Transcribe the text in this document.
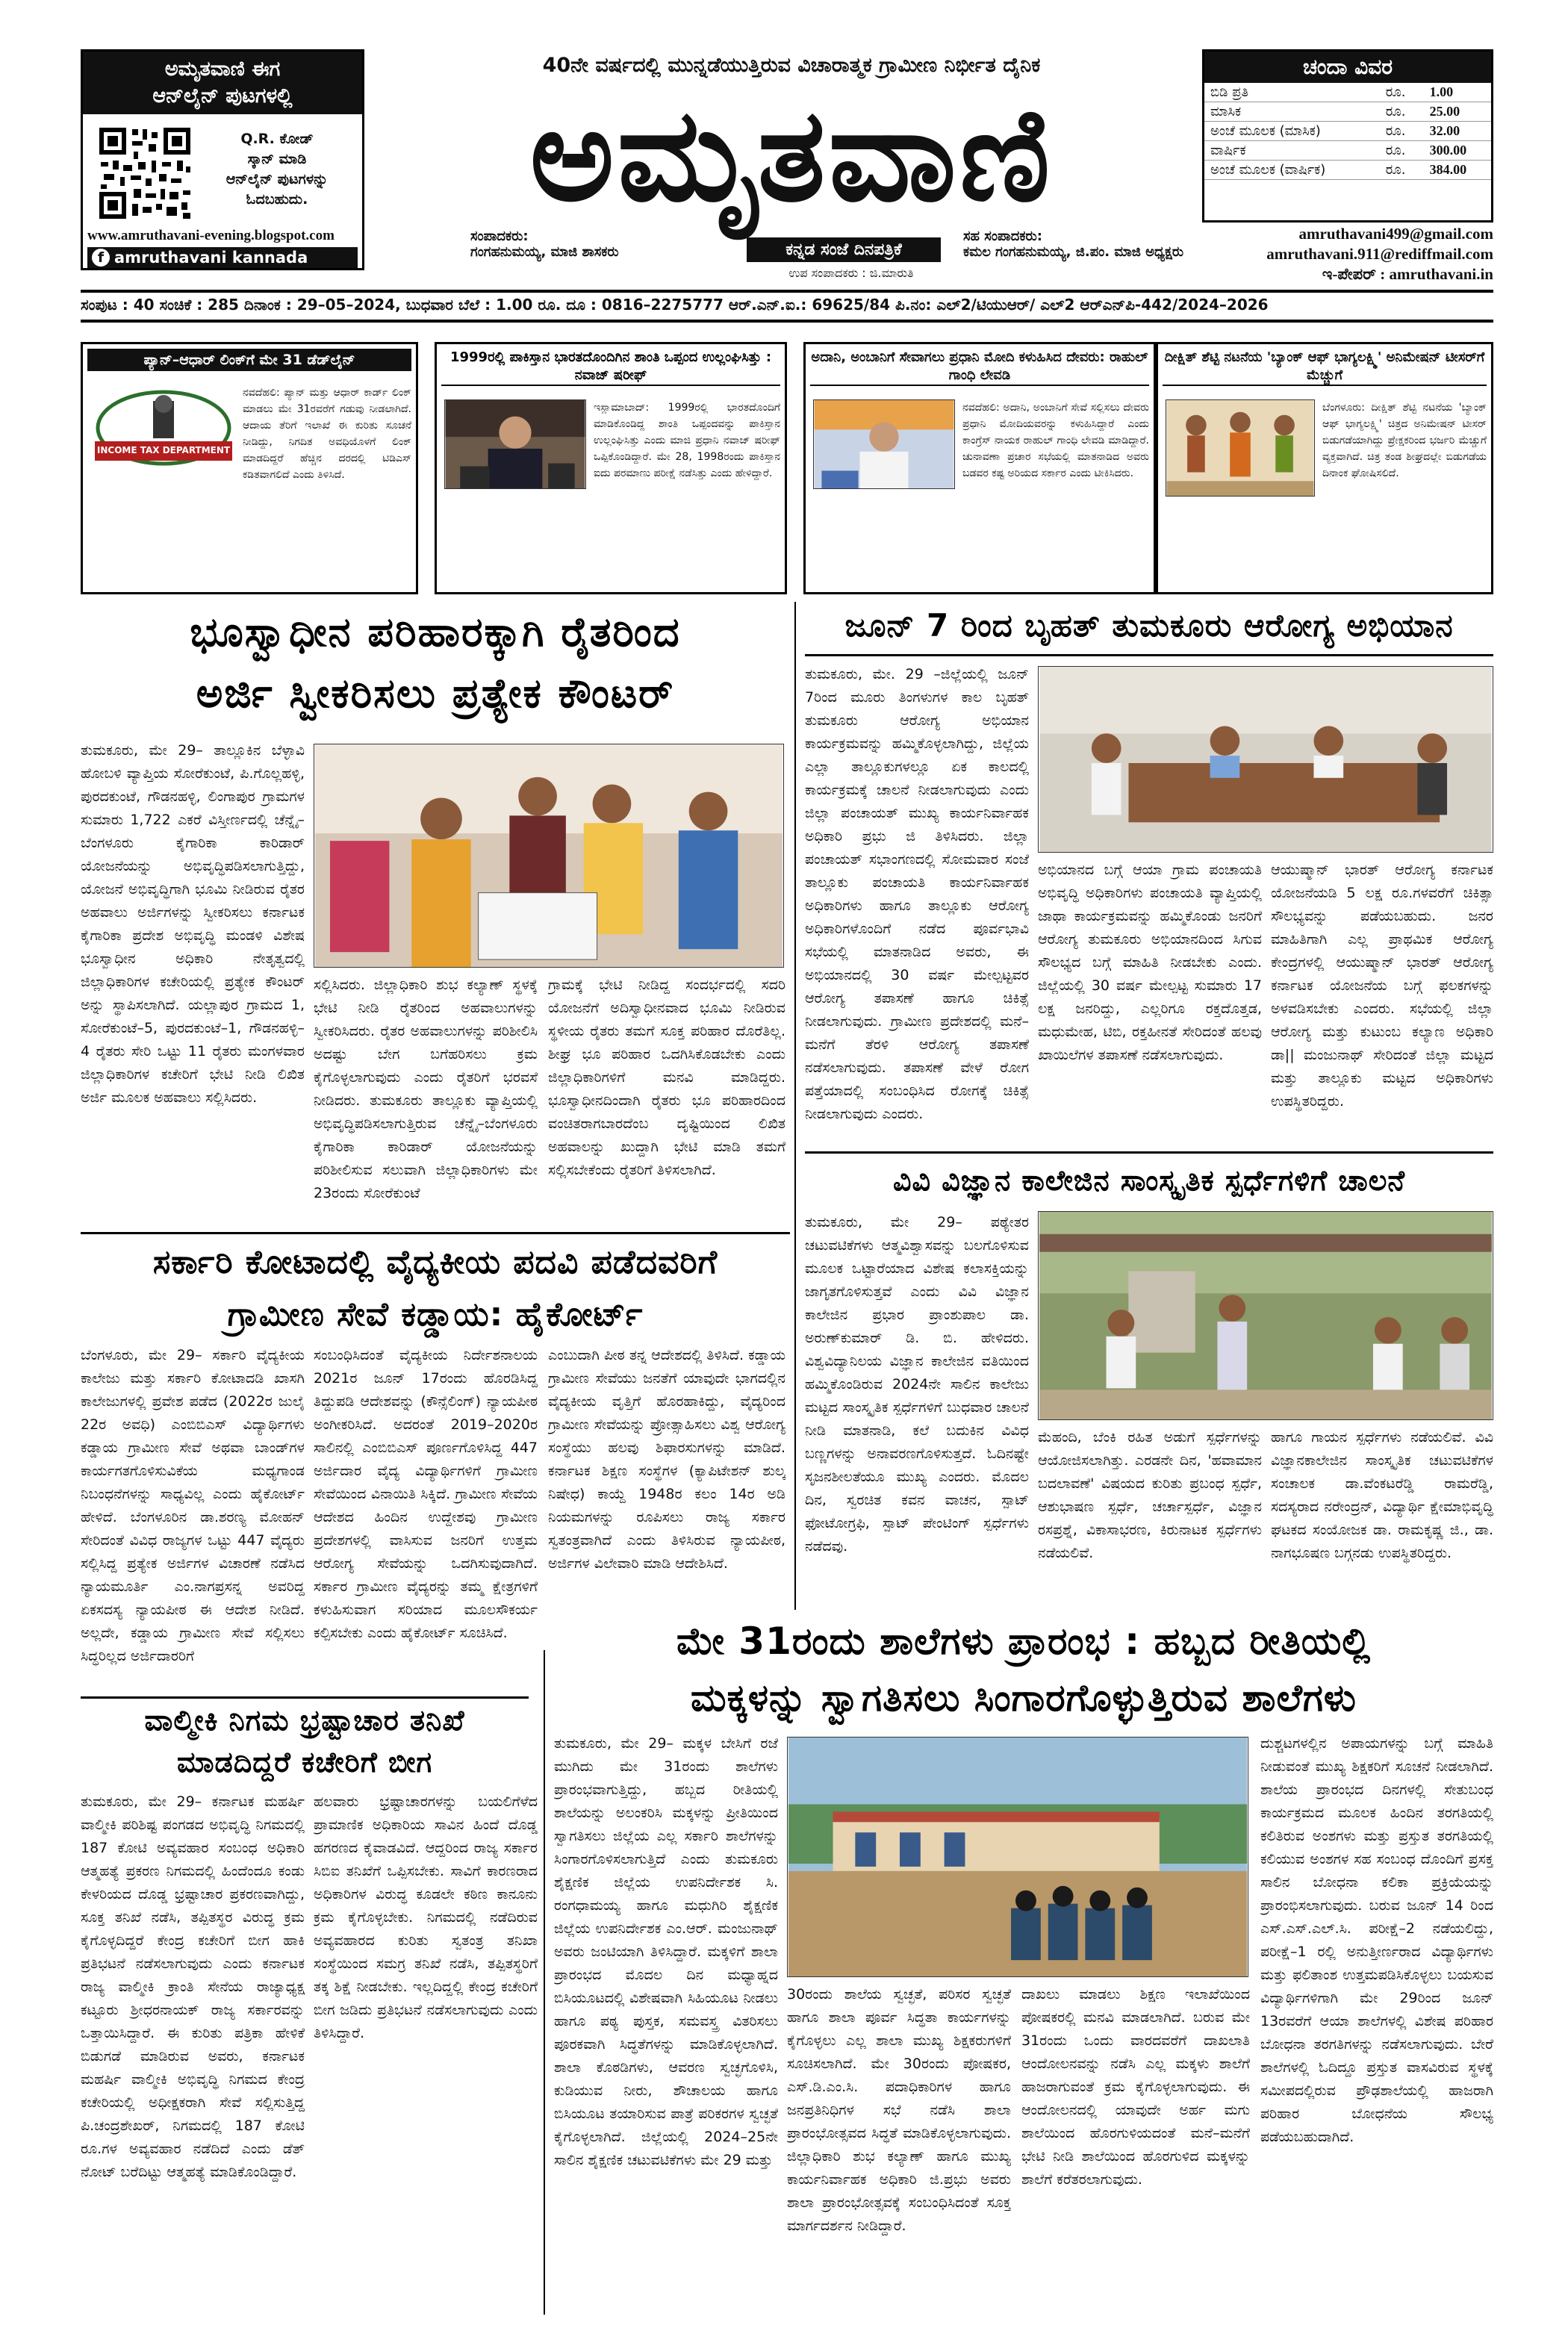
ಅಮೃತವಾಣಿ ಈಗ
ಆನ್‌ಲೈನ್ ಪುಟಗಳಲ್ಲಿ
Q.R. ಕೋಡ್
ಸ್ಕಾನ್ ಮಾಡಿ
ಆನ್‌ಲೈನ್ ಪುಟಗಳನ್ನು
ಓದಬಹುದು.
www.amruthavani-evening.blogspot.com
f amruthavani kannada
40ನೇ ವರ್ಷದಲ್ಲಿ ಮುನ್ನಡೆಯುತ್ತಿರುವ ವಿಚಾರಾತ್ಮಕ ಗ್ರಾಮೀಣ ನಿರ್ಭೀತ ದೈನಿಕ
ಅಮೃತವಾಣಿ
ಸಂಪಾದಕರು:
ಗಂಗಹನುಮಯ್ಯ, ಮಾಜಿ ಶಾಸಕರು	ಕನ್ನಡ ಸಂಜೆ ದಿನಪತ್ರಿಕೆ
ಉಪ ಸಂಪಾದಕರು : ಜಿ.ಮಾರುತಿ
ಸಹ ಸಂಪಾದಕರು:
ಕಮಲ ಗಂಗಹನುಮಯ್ಯ, ಜಿ.ಪಂ. ಮಾಜಿ ಅಧ್ಯಕ್ಷರು
ಚಂದಾ ವಿವರ
ಬಿಡಿ ಪ್ರತಿ	ರೂ.	1.00
ಮಾಸಿಕ	ರೂ.	25.00
ಅಂಚೆ ಮೂಲಕ (ಮಾಸಿಕ)	ರೂ.	32.00
ವಾರ್ಷಿಕ	ರೂ.	300.00
ಅಂಚೆ ಮೂಲಕ (ವಾರ್ಷಿಕ)	ರೂ.	384.00
amruthavani499@gmail.com
amruthavani.911@rediffmail.com
ಇ-ಪೇಪರ್ : amruthavani.in
ಸಂಪುಟ : 40 ಸಂಚಿಕೆ : 285 ದಿನಾಂಕ : 29–05–2024, ಬುಧವಾರ ಬೆಲೆ : 1.00 ರೂ. ದೂ : 0816–2275777 ಆರ್.ಎನ್.ಐ.: 69625/84 ಪಿ.ನಂ: ಎಲ್2/ಟಿಯುಆರ್/ ಎಲ್2 ಆರ್‌ಎನ್‌ಪಿ-442/2024–2026
ಪ್ಯಾನ್–ಆಧಾರ್ ಲಿಂಕ್‌ಗೆ ಮೇ 31 ಡೆಡ್‌ಲೈನ್
INCOME TAX DEPARTMENT
ನವದೆಹಲಿ: ಪ್ಯಾನ್ ಮತ್ತು ಆಧಾರ್ ಕಾರ್ಡ್ ಲಿಂಕ್ ಮಾಡಲು ಮೇ 31ರವರೆಗೆ ಗಡುವು ನೀಡಲಾಗಿದೆ. ಆದಾಯ ತೆರಿಗೆ ಇಲಾಖೆ ಈ ಕುರಿತು ಸೂಚನೆ ನೀಡಿದ್ದು, ನಿಗದಿತ ಅವಧಿಯೊಳಗೆ ಲಿಂಕ್ ಮಾಡದಿದ್ದರೆ ಹೆಚ್ಚಿನ ದರದಲ್ಲಿ ಟಿಡಿಎಸ್ ಕಡಿತವಾಗಲಿದೆ ಎಂದು ತಿಳಿಸಿದೆ.
1999ರಲ್ಲಿ ಪಾಕಿಸ್ತಾನ ಭಾರತದೊಂದಿಗಿನ ಶಾಂತಿ ಒಪ್ಪಂದ ಉಲ್ಲಂಘಿಸಿತ್ತು : ನವಾಜ್ ಷರೀಫ್
ಇಸ್ಲಾಮಾಬಾದ್: 1999ರಲ್ಲಿ ಭಾರತದೊಂದಿಗೆ ಮಾಡಿಕೊಂಡಿದ್ದ ಶಾಂತಿ ಒಪ್ಪಂದವನ್ನು ಪಾಕಿಸ್ತಾನ ಉಲ್ಲಂಘಿಸಿತ್ತು ಎಂದು ಮಾಜಿ ಪ್ರಧಾನಿ ನವಾಜ್ ಷರೀಫ್ ಒಪ್ಪಿಕೊಂಡಿದ್ದಾರೆ. ಮೇ 28, 1998ರಂದು ಪಾಕಿಸ್ತಾನ ಐದು ಪರಮಾಣು ಪರೀಕ್ಷೆ ನಡೆಸಿತ್ತು ಎಂದು ಹೇಳಿದ್ದಾರೆ.
ಅದಾನಿ, ಅಂಬಾನಿಗೆ ಸೇವಾಗಲು ಪ್ರಧಾನಿ ಮೋದಿ ಕಳುಹಿಸಿದ ದೇವರು: ರಾಹುಲ್ ಗಾಂಧಿ ಲೇವಡಿ
ನವದೆಹಲಿ: ಅದಾನಿ, ಅಂಬಾನಿಗೆ ಸೇವೆ ಸಲ್ಲಿಸಲು ದೇವರು ಪ್ರಧಾನಿ ಮೋದಿಯವರನ್ನು ಕಳುಹಿಸಿದ್ದಾರೆ ಎಂದು ಕಾಂಗ್ರೆಸ್ ನಾಯಕ ರಾಹುಲ್ ಗಾಂಧಿ ಲೇವಡಿ ಮಾಡಿದ್ದಾರೆ. ಚುನಾವಣಾ ಪ್ರಚಾರ ಸಭೆಯಲ್ಲಿ ಮಾತನಾಡಿದ ಅವರು ಬಡವರ ಕಷ್ಟ ಅರಿಯದ ಸರ್ಕಾರ ಎಂದು ಟೀಕಿಸಿದರು.
ದೀಕ್ಷಿತ್ ಶೆಟ್ಟಿ ನಟನೆಯ 'ಬ್ಯಾಂಕ್ ಆಫ್ ಭಾಗ್ಯಲಕ್ಷ್ಮಿ' ಅನಿಮೇಷನ್ ಟೀಸರ್‌ಗೆ ಮೆಚ್ಚುಗೆ
ಬೆಂಗಳೂರು: ದೀಕ್ಷಿತ್ ಶೆಟ್ಟಿ ನಟನೆಯ 'ಬ್ಯಾಂಕ್ ಆಫ್ ಭಾಗ್ಯಲಕ್ಷ್ಮಿ' ಚಿತ್ರದ ಅನಿಮೇಷನ್ ಟೀಸರ್ ಬಿಡುಗಡೆಯಾಗಿದ್ದು ಪ್ರೇಕ್ಷಕರಿಂದ ಭರ್ಜರಿ ಮೆಚ್ಚುಗೆ ವ್ಯಕ್ತವಾಗಿದೆ. ಚಿತ್ರ ತಂಡ ಶೀಘ್ರದಲ್ಲೇ ಬಿಡುಗಡೆಯ ದಿನಾಂಕ ಘೋಷಿಸಲಿದೆ.
ಭೂಸ್ವಾಧೀನ ಪರಿಹಾರಕ್ಕಾಗಿ ರೈತರಿಂದ
ಅರ್ಜಿ ಸ್ವೀಕರಿಸಲು ಪ್ರತ್ಯೇಕ ಕೌಂಟರ್
ತುಮಕೂರು, ಮೇ 29– ತಾಲ್ಲೂಕಿನ ಬೆಳ್ಳಾವಿ ಹೋಬಳಿ ವ್ಯಾಪ್ತಿಯ ಸೋರೆಕುಂಟೆ, ಪಿ.ಗೊಲ್ಲಹಳ್ಳಿ, ಪುರದಕುಂಟೆ, ಗೌಡನಹಳ್ಳಿ, ಲಿಂಗಾಪುರ ಗ್ರಾಮಗಳ ಸುಮಾರು 1,722 ಎಕರೆ ವಿಸ್ತೀರ್ಣದಲ್ಲಿ ಚೆನ್ನೈ–ಬೆಂಗಳೂರು ಕೈಗಾರಿಕಾ ಕಾರಿಡಾರ್ ಯೋಜನೆಯನ್ನು ಅಭಿವೃದ್ಧಿಪಡಿಸಲಾಗುತ್ತಿದ್ದು, ಯೋಜನೆ ಅಭಿವೃದ್ಧಿಗಾಗಿ ಭೂಮಿ ನೀಡಿರುವ ರೈತರ ಅಹವಾಲು ಅರ್ಜಿಗಳನ್ನು ಸ್ವೀಕರಿಸಲು ಕರ್ನಾಟಕ ಕೈಗಾರಿಕಾ ಪ್ರದೇಶ ಅಭಿವೃದ್ಧಿ ಮಂಡಳಿ ವಿಶೇಷ ಭೂಸ್ವಾಧೀನ ಅಧಿಕಾರಿ ನೇತೃತ್ವದಲ್ಲಿ ಜಿಲ್ಲಾಧಿಕಾರಿಗಳ ಕಚೇರಿಯಲ್ಲಿ ಪ್ರತ್ಯೇಕ ಕೌಂಟರ್ ಅನ್ನು ಸ್ಥಾಪಿಸಲಾಗಿದೆ. ಯಲ್ಲಾಪುರ ಗ್ರಾಮದ 1, ಸೋರೆಕುಂಟೆ–5, ಪುರದಕುಂಟೆ–1, ಗೌಡನಹಳ್ಳಿ–4 ರೈತರು ಸೇರಿ ಒಟ್ಟು 11 ರೈತರು ಮಂಗಳವಾರ ಜಿಲ್ಲಾಧಿಕಾರಿಗಳ ಕಚೇರಿಗೆ ಭೇಟಿ ನೀಡಿ ಲಿಖಿತ ಅರ್ಜಿ ಮೂಲಕ ಅಹವಾಲು ಸಲ್ಲಿಸಿದರು.
ಸಲ್ಲಿಸಿದರು. ಜಿಲ್ಲಾಧಿಕಾರಿ ಶುಭ ಕಲ್ಯಾಣ್ ಸ್ಥಳಕ್ಕೆ ಭೇಟಿ ನೀಡಿ ರೈತರಿಂದ ಅಹವಾಲುಗಳನ್ನು ಸ್ವೀಕರಿಸಿದರು. ರೈತರ ಅಹವಾಲುಗಳನ್ನು ಪರಿಶೀಲಿಸಿ ಅದಷ್ಟು ಬೇಗ ಬಗೆಹರಿಸಲು ಕ್ರಮ ಕೈಗೊಳ್ಳಲಾಗುವುದು ಎಂದು ರೈತರಿಗೆ ಭರವಸೆ ನೀಡಿದರು. ತುಮಕೂರು ತಾಲ್ಲೂಕು ವ್ಯಾಪ್ತಿಯಲ್ಲಿ ಅಭಿವೃದ್ಧಿಪಡಿಸಲಾಗುತ್ತಿರುವ ಚೆನ್ನೈ–ಬೆಂಗಳೂರು ಕೈಗಾರಿಕಾ ಕಾರಿಡಾರ್ ಯೋಜನೆಯನ್ನು ಪರಿಶೀಲಿಸುವ ಸಲುವಾಗಿ ಜಿಲ್ಲಾಧಿಕಾರಿಗಳು ಮೇ 23ರಂದು ಸೋರೆಕುಂಟೆ
ಗ್ರಾಮಕ್ಕೆ ಭೇಟಿ ನೀಡಿದ್ದ ಸಂದರ್ಭದಲ್ಲಿ ಸದರಿ ಯೋಜನೆಗೆ ಅದಿಸ್ವಾಧೀನವಾದ ಭೂಮಿ ನೀಡಿರುವ ಸ್ಥಳೀಯ ರೈತರು ತಮಗೆ ಸೂಕ್ತ ಪರಿಹಾರ ದೊರೆತಿಲ್ಲ. ಶೀಘ್ರ ಭೂ ಪರಿಹಾರ ಒದಗಿಸಿಕೊಡಬೇಕು ಎಂದು ಜಿಲ್ಲಾಧಿಕಾರಿಗಳಿಗೆ ಮನವಿ ಮಾಡಿದ್ದರು. ಭೂಸ್ವಾಧೀನದಿಂದಾಗಿ ರೈತರು ಭೂ ಪರಿಹಾರದಿಂದ ವಂಚಿತರಾಗಬಾರದೆಂಬ ದೃಷ್ಟಿಯಿಂದ ಲಿಖಿತ ಅಹವಾಲನ್ನು ಖುದ್ದಾಗಿ ಭೇಟಿ ಮಾಡಿ ತಮಗೆ ಸಲ್ಲಿಸಬೇಕೆಂದು ರೈತರಿಗೆ ತಿಳಿಸಲಾಗಿದೆ.
ಜೂನ್ 7 ರಿಂದ ಬೃಹತ್ ತುಮಕೂರು ಆರೋಗ್ಯ ಅಭಿಯಾನ
ತುಮಕೂರು, ಮೇ. 29 –ಜಿಲ್ಲೆಯಲ್ಲಿ ಜೂನ್ 7ರಿಂದ ಮೂರು ತಿಂಗಳುಗಳ ಕಾಲ ಬೃಹತ್ ತುಮಕೂರು ಆರೋಗ್ಯ ಅಭಿಯಾನ ಕಾರ್ಯಕ್ರಮವನ್ನು ಹಮ್ಮಿಕೊಳ್ಳಲಾಗಿದ್ದು, ಜಿಲ್ಲೆಯ ಎಲ್ಲಾ ತಾಲ್ಲೂಕುಗಳಲ್ಲೂ ಏಕ ಕಾಲದಲ್ಲಿ ಕಾರ್ಯಕ್ರಮಕ್ಕೆ ಚಾಲನೆ ನೀಡಲಾಗುವುದು ಎಂದು ಜಿಲ್ಲಾ ಪಂಚಾಯತ್ ಮುಖ್ಯ ಕಾರ್ಯನಿರ್ವಾಹಕ ಅಧಿಕಾರಿ ಪ್ರಭು ಜಿ ತಿಳಿಸಿದರು. ಜಿಲ್ಲಾ ಪಂಚಾಯತ್ ಸಭಾಂಗಣದಲ್ಲಿ ಸೋಮವಾರ ಸಂಜೆ ತಾಲ್ಲೂಕು ಪಂಚಾಯತಿ ಕಾರ್ಯನಿರ್ವಾಹಕ ಅಧಿಕಾರಿಗಳು ಹಾಗೂ ತಾಲ್ಲೂಕು ಆರೋಗ್ಯ ಅಧಿಕಾರಿಗಳೊಂದಿಗೆ ನಡೆದ ಪೂರ್ವಭಾವಿ ಸಭೆಯಲ್ಲಿ ಮಾತನಾಡಿದ ಅವರು, ಈ ಅಭಿಯಾನದಲ್ಲಿ 30 ವರ್ಷ ಮೇಲ್ಪಟ್ಟವರ ಆರೋಗ್ಯ ತಪಾಸಣೆ ಹಾಗೂ ಚಿಕಿತ್ಸೆ ನೀಡಲಾಗುವುದು. ಗ್ರಾಮೀಣ ಪ್ರದೇಶದಲ್ಲಿ ಮನೆ–ಮನೆಗೆ ತೆರಳಿ ಆರೋಗ್ಯ ತಪಾಸಣೆ ನಡೆಸಲಾಗುವುದು. ತಪಾಸಣೆ ವೇಳೆ ರೋಗ ಪತ್ತೆಯಾದಲ್ಲಿ ಸಂಬಂಧಿಸಿದ ರೋಗಕ್ಕೆ ಚಿಕಿತ್ಸೆ ನೀಡಲಾಗುವುದು ಎಂದರು.
ಅಭಿಯಾನದ ಬಗ್ಗೆ ಆಯಾ ಗ್ರಾಮ ಪಂಚಾಯತಿ ಅಭಿವೃದ್ಧಿ ಅಧಿಕಾರಿಗಳು ಪಂಚಾಯತಿ ವ್ಯಾಪ್ತಿಯಲ್ಲಿ ಜಾಥಾ ಕಾರ್ಯಕ್ರಮವನ್ನು ಹಮ್ಮಿಕೊಂಡು ಜನರಿಗೆ ಆರೋಗ್ಯ ತುಮಕೂರು ಅಭಿಯಾನದಿಂದ ಸಿಗುವ ಸೌಲಭ್ಯದ ಬಗ್ಗೆ ಮಾಹಿತಿ ನೀಡಬೇಕು ಎಂದು. ಜಿಲ್ಲೆಯಲ್ಲಿ 30 ವರ್ಷ ಮೇಲ್ಪಟ್ಟ ಸುಮಾರು 17 ಲಕ್ಷ ಜನರಿದ್ದು, ಎಲ್ಲರಿಗೂ ರಕ್ತದೊತ್ತಡ, ಮಧುಮೇಹ, ಟಿಬಿ, ರಕ್ತಹೀನತೆ ಸೇರಿದಂತೆ ಹಲವು ಖಾಯಿಲೆಗಳ ತಪಾಸಣೆ ನಡೆಸಲಾಗುವುದು.
ಆಯುಷ್ಮಾನ್ ಭಾರತ್ ಆರೋಗ್ಯ ಕರ್ನಾಟಕ ಯೋಜನೆಯಡಿ 5 ಲಕ್ಷ ರೂ.ಗಳವರೆಗೆ ಚಿಕಿತ್ಸಾ ಸೌಲಭ್ಯವನ್ನು ಪಡೆಯಬಹುದು. ಜನರ ಮಾಹಿತಿಗಾಗಿ ಎಲ್ಲ ಪ್ರಾಥಮಿಕ ಆರೋಗ್ಯ ಕೇಂದ್ರಗಳಲ್ಲಿ ಆಯುಷ್ಮಾನ್ ಭಾರತ್ ಆರೋಗ್ಯ ಕರ್ನಾಟಕ ಯೋಜನೆಯ ಬಗ್ಗೆ ಫಲಕಗಳನ್ನು ಅಳವಡಿಸಬೇಕು ಎಂದರು. ಸಭೆಯಲ್ಲಿ ಜಿಲ್ಲಾ ಆರೋಗ್ಯ ಮತ್ತು ಕುಟುಂಬ ಕಲ್ಯಾಣ ಅಧಿಕಾರಿ ಡಾ|| ಮಂಜುನಾಥ್ ಸೇರಿದಂತೆ ಜಿಲ್ಲಾ ಮಟ್ಟದ ಮತ್ತು ತಾಲ್ಲೂಕು ಮಟ್ಟದ ಅಧಿಕಾರಿಗಳು ಉಪಸ್ಥಿತರಿದ್ದರು.
ವಿವಿ ವಿಜ್ಞಾನ ಕಾಲೇಜಿನ ಸಾಂಸ್ಕೃತಿಕ ಸ್ಪರ್ಧೆಗಳಿಗೆ ಚಾಲನೆ
ತುಮಕೂರು, ಮೇ 29– ಪಠ್ಯೇತರ ಚಟುವಟಿಕೆಗಳು ಆತ್ಮವಿಶ್ವಾಸವನ್ನು ಬಲಗೊಳಿಸುವ ಮೂಲಕ ಒಟ್ಟಾರೆಯಾದ ವಿಶೇಷ ಕಲಾಸಕ್ತಿಯನ್ನು ಜಾಗೃತಗೊಳಿಸುತ್ತವೆ ಎಂದು ವಿವಿ ವಿಜ್ಞಾನ ಕಾಲೇಜಿನ ಪ್ರಭಾರ ಪ್ರಾಂಶುಪಾಲ ಡಾ. ಅರುಣ್‌ಕುಮಾರ್ ಡಿ. ಬಿ. ಹೇಳಿದರು. ವಿಶ್ವವಿದ್ಯಾನಿಲಯ ವಿಜ್ಞಾನ ಕಾಲೇಜಿನ ವತಿಯಿಂದ ಹಮ್ಮಿಕೊಂಡಿರುವ 2024ನೇ ಸಾಲಿನ ಕಾಲೇಜು ಮಟ್ಟದ ಸಾಂಸ್ಕೃತಿಕ ಸ್ಪರ್ಧೆಗಳಿಗೆ ಬುಧವಾರ ಚಾಲನೆ ನೀಡಿ ಮಾತನಾಡಿ, ಕಲೆ ಬದುಕಿನ ವಿವಿಧ ಬಣ್ಣಗಳನ್ನು ಅನಾವರಣಗೊಳಿಸುತ್ತದೆ. ಓದಿನಷ್ಟೇ ಸೃಜನಶೀಲತೆಯೂ ಮುಖ್ಯ ಎಂದರು. ಮೊದಲ ದಿನ, ಸ್ವರಚಿತ ಕವನ ವಾಚನ, ಸ್ಪಾಟ್ ಫೋಟೋಗ್ರಫಿ, ಸ್ಪಾಟ್ ಪೇಂಟಿಂಗ್ ಸ್ಪರ್ಧೆಗಳು ನಡೆದವು.
ಮೆಹಂದಿ, ಬೆಂಕಿ ರಹಿತ ಅಡುಗೆ ಸ್ಪರ್ಧೆಗಳನ್ನು ಆಯೋಜಿಸಲಾಗಿತ್ತು. ಎರಡನೇ ದಿನ, 'ಹವಾಮಾನ ಬದಲಾವಣೆ' ವಿಷಯದ ಕುರಿತು ಪ್ರಬಂಧ ಸ್ಪರ್ಧೆ, ಆಶುಭಾಷಣ ಸ್ಪರ್ಧೆ, ಚರ್ಚಾಸ್ಪರ್ಧೆ, ವಿಜ್ಞಾನ ರಸಪ್ರಶ್ನೆ, ವಿಕಾಸಾಭರಣ, ಕಿರುನಾಟಕ ಸ್ಪರ್ಧೆಗಳು ನಡೆಯಲಿವೆ.
ಹಾಗೂ ಗಾಯನ ಸ್ಪರ್ಧೆಗಳು ನಡೆಯಲಿವೆ. ವಿವಿ ವಿಜ್ಞಾನಕಾಲೇಜಿನ ಸಾಂಸ್ಕೃತಿಕ ಚಟುವಟಿಕೆಗಳ ಸಂಚಾಲಕ ಡಾ.ವೆಂಕಟರೆಡ್ಡಿ ರಾಮರೆಡ್ಡಿ, ಸದಸ್ಯರಾದ ನರೇಂದ್ರನ್, ವಿದ್ಯಾರ್ಥಿ ಕ್ಷೇಮಾಭಿವೃದ್ಧಿ ಘಟಕದ ಸಂಯೋಜಕ ಡಾ. ರಾಮಕೃಷ್ಣ ಜಿ., ಡಾ. ನಾಗಭೂಷಣ ಬಗ್ಗನಡು ಉಪಸ್ಥಿತರಿದ್ದರು.
ಸರ್ಕಾರಿ ಕೋಟಾದಲ್ಲಿ ವೈದ್ಯಕೀಯ ಪದವಿ ಪಡೆದವರಿಗೆ
ಗ್ರಾಮೀಣ ಸೇವೆ ಕಡ್ಡಾಯ: ಹೈಕೋರ್ಟ್
ಬೆಂಗಳೂರು, ಮೇ 29– ಸರ್ಕಾರಿ ವೈದ್ಯಕೀಯ ಕಾಲೇಜು ಮತ್ತು ಸರ್ಕಾರಿ ಕೋಟಾದಡಿ ಖಾಸಗಿ ಕಾಲೇಜುಗಳಲ್ಲಿ ಪ್ರವೇಶ ಪಡೆದ (2022ರ ಜುಲೈ 22ರ ಅವಧಿ) ಎಂಬಿಬಿಎಸ್ ವಿದ್ಯಾರ್ಥಿಗಳು ಕಡ್ಡಾಯ ಗ್ರಾಮೀಣ ಸೇವೆ ಅಥವಾ ಬಾಂಡ್‌ಗಳ ಕಾರ್ಯಗತಗೊಳಿಸುವಿಕೆಯ ಮಧ್ಯಗಾಂಡ ನಿಬಂಧನೆಗಳನ್ನು ಸಾಧ್ಯವಿಲ್ಲ ಎಂದು ಹೈಕೋರ್ಟ್ ಹೇಳಿದೆ. ಬೆಂಗಳೂರಿನ ಡಾ.ಶರಣ್ಯ ಮೋಹನ್ ಸೇರಿದಂತೆ ವಿವಿಧ ರಾಜ್ಯಗಳ ಒಟ್ಟು 447 ವೈದ್ಯರು ಸಲ್ಲಿಸಿದ್ದ ಪ್ರತ್ಯೇಕ ಅರ್ಜಿಗಳ ವಿಚಾರಣೆ ನಡೆಸಿದ ನ್ಯಾಯಮೂರ್ತಿ ಎಂ.ನಾಗಪ್ರಸನ್ನ ಅವರಿದ್ದ ಏಕಸದಸ್ಯ ನ್ಯಾಯಪೀಠ ಈ ಆದೇಶ ನೀಡಿದೆ. ಅಲ್ಲದೇ, ಕಡ್ಡಾಯ ಗ್ರಾಮೀಣ ಸೇವೆ ಸಲ್ಲಿಸಲು ಸಿದ್ಧರಿಲ್ಲದ ಅರ್ಜಿದಾರರಿಗೆ
ಸಂಬಂಧಿಸಿದಂತೆ ವೈದ್ಯಕೀಯ ನಿರ್ದೇಶನಾಲಯ 2021ರ ಜೂನ್ 17ರಂದು ಹೊರಡಿಸಿದ್ದ ತಿದ್ದುಪಡಿ ಆದೇಶವನ್ನು (ಕೌನ್ಸೆಲಿಂಗ್) ನ್ಯಾಯಪೀಠ ಅಂಗೀಕರಿಸಿದೆ. ಅದರಂತೆ 2019–2020ರ ಸಾಲಿನಲ್ಲಿ ಎಂಬಿಬಿಎಸ್ ಪೂರ್ಣಗೊಳಿಸಿದ್ದ 447 ಅರ್ಜಿದಾರ ವೈದ್ಯ ವಿದ್ಯಾರ್ಥಿಗಳಿಗೆ ಗ್ರಾಮೀಣ ಸೇವೆಯಿಂದ ವಿನಾಯಿತಿ ಸಿಕ್ಕಿದೆ. ಗ್ರಾಮೀಣ ಸೇವೆಯ ಆದೇಶದ ಹಿಂದಿನ ಉದ್ದೇಶವು ಗ್ರಾಮೀಣ ಪ್ರದೇಶಗಳಲ್ಲಿ ವಾಸಿಸುವ ಜನರಿಗೆ ಉತ್ತಮ ಆರೋಗ್ಯ ಸೇವೆಯನ್ನು ಒದಗಿಸುವುದಾಗಿದೆ. ಸರ್ಕಾರ ಗ್ರಾಮೀಣ ವೈದ್ಯರನ್ನು ತಮ್ಮ ಕ್ಷೇತ್ರಗಳಿಗೆ ಕಳುಹಿಸುವಾಗ ಸರಿಯಾದ ಮೂಲಸೌಕರ್ಯ ಕಲ್ಪಿಸಬೇಕು ಎಂದು ಹೈಕೋರ್ಟ್ ಸೂಚಿಸಿದೆ.
ಎಂಬುದಾಗಿ ಪೀಠ ತನ್ನ ಆದೇಶದಲ್ಲಿ ತಿಳಿಸಿದೆ. ಕಡ್ಡಾಯ ಗ್ರಾಮೀಣ ಸೇವೆಯು ಜನತೆಗೆ ಯಾವುದೇ ಭಾಗದಲ್ಲಿನ ವೈದ್ಯಕೀಯ ವೃತ್ತಿಗೆ ಹೊರಹಾಕಿದ್ದು, ವೈದ್ಯರಿಂದ ಗ್ರಾಮೀಣ ಸೇವೆಯನ್ನು ಪ್ರೋತ್ಸಾಹಿಸಲು ವಿಶ್ವ ಆರೋಗ್ಯ ಸಂಸ್ಥೆಯು ಹಲವು ಶಿಫಾರಸುಗಳನ್ನು ಮಾಡಿದೆ. ಕರ್ನಾಟಕ ಶಿಕ್ಷಣ ಸಂಸ್ಥೆಗಳ (ಕ್ಯಾಪಿಟೇಶನ್ ಶುಲ್ಕ ನಿಷೇಧ) ಕಾಯ್ದೆ 1948ರ ಕಲಂ 14ರ ಅಡಿ ನಿಯಮಗಳನ್ನು ರೂಪಿಸಲು ರಾಜ್ಯ ಸರ್ಕಾರ ಸ್ವತಂತ್ರವಾಗಿದೆ ಎಂದು ತಿಳಿಸಿರುವ ನ್ಯಾಯಪೀಠ, ಅರ್ಜಿಗಳ ವಿಲೇವಾರಿ ಮಾಡಿ ಆದೇಶಿಸಿದೆ.
ವಾಲ್ಮೀಕಿ ನಿಗಮ ಭ್ರಷ್ಟಾಚಾರ ತನಿಖೆ
ಮಾಡದಿದ್ದರೆ ಕಚೇರಿಗೆ ಬೀಗ
ತುಮಕೂರು, ಮೇ 29– ಕರ್ನಾಟಕ ಮಹರ್ಷಿ ವಾಲ್ಮೀಕಿ ಪರಿಶಿಷ್ಟ ಪಂಗಡದ ಅಭಿವೃದ್ಧಿ ನಿಗಮದಲ್ಲಿ 187 ಕೋಟಿ ಅವ್ಯವಹಾರ ಸಂಬಂಧ ಅಧಿಕಾರಿ ಆತ್ಮಹತ್ಯೆ ಪ್ರಕರಣ ನಿಗಮದಲ್ಲಿ ಹಿಂದೆಂದೂ ಕಂಡು ಕೇಳರಿಯದ ದೊಡ್ಡ ಭ್ರಷ್ಟಾಚಾರ ಪ್ರಕರಣವಾಗಿದ್ದು, ಸೂಕ್ತ ತನಿಖೆ ನಡೆಸಿ, ತಪ್ಪಿತಸ್ಥರ ವಿರುದ್ಧ ಕ್ರಮ ಕೈಗೊಳ್ಳದಿದ್ದರೆ ಕೇಂದ್ರ ಕಚೇರಿಗೆ ಬೀಗ ಹಾಕಿ ಪ್ರತಿಭಟನೆ ನಡೆಸಲಾಗುವುದು ಎಂದು ಕರ್ನಾಟಕ ರಾಜ್ಯ ವಾಲ್ಮೀಕಿ ಕ್ರಾಂತಿ ಸೇನೆಯ ರಾಜ್ಯಾಧ್ಯಕ್ಷ ಕಟ್ಟೂರು ಶ್ರೀಧರನಾಯಕ್ ರಾಜ್ಯ ಸರ್ಕಾರವನ್ನು ಒತ್ತಾಯಿಸಿದ್ದಾರೆ. ಈ ಕುರಿತು ಪತ್ರಿಕಾ ಹೇಳಿಕೆ ಬಿಡುಗಡೆ ಮಾಡಿರುವ ಅವರು, ಕರ್ನಾಟಕ ಮಹರ್ಷಿ ವಾಲ್ಮೀಕಿ ಅಭಿವೃದ್ಧಿ ನಿಗಮದ ಕೇಂದ್ರ ಕಚೇರಿಯಲ್ಲಿ ಅಧೀಕ್ಷಕರಾಗಿ ಸೇವೆ ಸಲ್ಲಿಸುತ್ತಿದ್ದ ಪಿ.ಚಂದ್ರಶೇಖರ್, ನಿಗಮದಲ್ಲಿ 187 ಕೋಟಿ ರೂ.ಗಳ ಅವ್ಯವಹಾರ ನಡೆದಿದೆ ಎಂದು ಡೆತ್ ನೋಟ್ ಬರೆದಿಟ್ಟು ಆತ್ಮಹತ್ಯೆ ಮಾಡಿಕೊಂಡಿದ್ದಾರೆ.
ಹಲವಾರು ಭ್ರಷ್ಟಾಚಾರಗಳನ್ನು ಬಯಲಿಗೆಳೆದ ಪ್ರಾಮಾಣಿಕ ಅಧಿಕಾರಿಯ ಸಾವಿನ ಹಿಂದೆ ದೊಡ್ಡ ಹಗರಣದ ಕೈವಾಡವಿದೆ. ಆದ್ದರಿಂದ ರಾಜ್ಯ ಸರ್ಕಾರ ಸಿಬಿಐ ತನಿಖೆಗೆ ಒಪ್ಪಿಸಬೇಕು. ಸಾವಿಗೆ ಕಾರಣರಾದ ಅಧಿಕಾರಿಗಳ ವಿರುದ್ಧ ಕೂಡಲೇ ಕಠಿಣ ಕಾನೂನು ಕ್ರಮ ಕೈಗೊಳ್ಳಬೇಕು. ನಿಗಮದಲ್ಲಿ ನಡೆದಿರುವ ಅವ್ಯವಹಾರದ ಕುರಿತು ಸ್ವತಂತ್ರ ತನಿಖಾ ಸಂಸ್ಥೆಯಿಂದ ಸಮಗ್ರ ತನಿಖೆ ನಡೆಸಿ, ತಪ್ಪಿತಸ್ಥರಿಗೆ ತಕ್ಕ ಶಿಕ್ಷೆ ನೀಡಬೇಕು. ಇಲ್ಲದಿದ್ದಲ್ಲಿ ಕೇಂದ್ರ ಕಚೇರಿಗೆ ಬೀಗ ಜಡಿದು ಪ್ರತಿಭಟನೆ ನಡೆಸಲಾಗುವುದು ಎಂದು ತಿಳಿಸಿದ್ದಾರೆ.
ಮೇ 31ರಂದು ಶಾಲೆಗಳು ಪ್ರಾರಂಭ : ಹಬ್ಬದ ರೀತಿಯಲ್ಲಿ
ಮಕ್ಕಳನ್ನು ಸ್ವಾಗತಿಸಲು ಸಿಂಗಾರಗೊಳ್ಳುತ್ತಿರುವ ಶಾಲೆಗಳು
ತುಮಕೂರು, ಮೇ 29– ಮಕ್ಕಳ ಬೇಸಿಗೆ ರಜೆ ಮುಗಿದು ಮೇ 31ರಂದು ಶಾಲೆಗಳು ಪ್ರಾರಂಭವಾಗುತ್ತಿದ್ದು, ಹಬ್ಬದ ರೀತಿಯಲ್ಲಿ ಶಾಲೆಯನ್ನು ಅಲಂಕರಿಸಿ ಮಕ್ಕಳನ್ನು ಪ್ರೀತಿಯಿಂದ ಸ್ವಾಗತಿಸಲು ಜಿಲ್ಲೆಯ ಎಲ್ಲ ಸರ್ಕಾರಿ ಶಾಲೆಗಳನ್ನು ಸಿಂಗಾರಗೊಳಿಸಲಾಗುತ್ತಿದೆ ಎಂದು ತುಮಕೂರು ಶೈಕ್ಷಣಿಕ ಜಿಲ್ಲೆಯ ಉಪನಿರ್ದೇಶಕ ಸಿ. ರಂಗಧಾಮಯ್ಯ ಹಾಗೂ ಮಧುಗಿರಿ ಶೈಕ್ಷಣಿಕ ಜಿಲ್ಲೆಯ ಉಪನಿರ್ದೇಶಕ ಎಂ.ಆರ್. ಮಂಜುನಾಥ್ ಅವರು ಜಂಟಿಯಾಗಿ ತಿಳಿಸಿದ್ದಾರೆ. ಮಕ್ಕಳಿಗೆ ಶಾಲಾ ಪ್ರಾರಂಭದ ಮೊದಲ ದಿನ ಮಧ್ಯಾಹ್ನದ ಬಿಸಿಯೂಟದಲ್ಲಿ ವಿಶೇಷವಾಗಿ ಸಿಹಿಯೂಟ ನೀಡಲು ಹಾಗೂ ಪಠ್ಯ ಪುಸ್ತಕ, ಸಮವಸ್ತ್ರ ವಿತರಿಸಲು ಪೂರಕವಾಗಿ ಸಿದ್ಧತೆಗಳನ್ನು ಮಾಡಿಕೊಳ್ಳಲಾಗಿದೆ. ಶಾಲಾ ಕೊಠಡಿಗಳು, ಆವರಣ ಸ್ವಚ್ಛಗೊಳಿಸಿ, ಕುಡಿಯುವ ನೀರು, ಶೌಚಾಲಯ ಹಾಗೂ ಬಿಸಿಯೂಟ ತಯಾರಿಸುವ ಪಾತ್ರೆ ಪರಿಕರಗಳ ಸ್ವಚ್ಛತೆ ಕೈಗೊಳ್ಳಲಾಗಿದೆ. ಜಿಲ್ಲೆಯಲ್ಲಿ 2024–25ನೇ ಸಾಲಿನ ಶೈಕ್ಷಣಿಕ ಚಟುವಟಿಕೆಗಳು ಮೇ 29 ಮತ್ತು
30ರಂದು ಶಾಲೆಯ ಸ್ವಚ್ಛತೆ, ಪರಿಸರ ಸ್ವಚ್ಛತೆ ಹಾಗೂ ಶಾಲಾ ಪೂರ್ವ ಸಿದ್ಧತಾ ಕಾರ್ಯಗಳನ್ನು ಕೈಗೊಳ್ಳಲು ಎಲ್ಲ ಶಾಲಾ ಮುಖ್ಯ ಶಿಕ್ಷಕರುಗಳಿಗೆ ಸೂಚಿಸಲಾಗಿದೆ. ಮೇ 30ರಂದು ಪೋಷಕರ, ಎಸ್.ಡಿ.ಎಂ.ಸಿ. ಪದಾಧಿಕಾರಿಗಳ ಹಾಗೂ ಜನಪ್ರತಿನಿಧಿಗಳ ಸಭೆ ನಡೆಸಿ ಶಾಲಾ ಪ್ರಾರಂಭೋತ್ಸವದ ಸಿದ್ಧತೆ ಮಾಡಿಕೊಳ್ಳಲಾಗುವುದು. ಜಿಲ್ಲಾಧಿಕಾರಿ ಶುಭ ಕಲ್ಯಾಣ್ ಹಾಗೂ ಮುಖ್ಯ ಕಾರ್ಯನಿರ್ವಾಹಕ ಅಧಿಕಾರಿ ಜಿ.ಪ್ರಭು ಅವರು ಶಾಲಾ ಪ್ರಾರಂಭೋತ್ಸವಕ್ಕೆ ಸಂಬಂಧಿಸಿದಂತೆ ಸೂಕ್ತ ಮಾರ್ಗದರ್ಶನ ನೀಡಿದ್ದಾರೆ.
ದಾಖಲು ಮಾಡಲು ಶಿಕ್ಷಣ ಇಲಾಖೆಯಿಂದ ಪೋಷಕರಲ್ಲಿ ಮನವಿ ಮಾಡಲಾಗಿದೆ. ಬರುವ ಮೇ 31ರಂದು ಒಂದು ವಾರದವರೆಗೆ ದಾಖಲಾತಿ ಆಂದೋಲನವನ್ನು ನಡೆಸಿ ಎಲ್ಲ ಮಕ್ಕಳು ಶಾಲೆಗೆ ಹಾಜರಾಗುವಂತೆ ಕ್ರಮ ಕೈಗೊಳ್ಳಲಾಗುವುದು. ಈ ಆಂದೋಲನದಲ್ಲಿ ಯಾವುದೇ ಅರ್ಹ ಮಗು ಶಾಲೆಯಿಂದ ಹೊರಗುಳಿಯದಂತೆ ಮನೆ–ಮನೆಗೆ ಭೇಟಿ ನೀಡಿ ಶಾಲೆಯಿಂದ ಹೊರಗುಳಿದ ಮಕ್ಕಳನ್ನು ಶಾಲೆಗೆ ಕರೆತರಲಾಗುವುದು.
ದುಶ್ಚಟಗಳಲ್ಲಿನ ಅಪಾಯಗಳನ್ನು ಬಗ್ಗೆ ಮಾಹಿತಿ ನೀಡುವಂತೆ ಮುಖ್ಯ ಶಿಕ್ಷಕರಿಗೆ ಸೂಚನೆ ನೀಡಲಾಗಿದೆ. ಶಾಲೆಯ ಪ್ರಾರಂಭದ ದಿನಗಳಲ್ಲಿ ಸೇತುಬಂಧ ಕಾರ್ಯಕ್ರಮದ ಮೂಲಕ ಹಿಂದಿನ ತರಗತಿಯಲ್ಲಿ ಕಲಿತಿರುವ ಅಂಶಗಳು ಮತ್ತು ಪ್ರಸ್ತುತ ತರಗತಿಯಲ್ಲಿ ಕಲಿಯುವ ಅಂಶಗಳ ಸಹ ಸಂಬಂಧ ದೊಂದಿಗೆ ಪ್ರಸಕ್ತ ಸಾಲಿನ ಬೋಧನಾ ಕಲಿಕಾ ಪ್ರಕ್ರಿಯೆಯನ್ನು ಪ್ರಾರಂಭಿಸಲಾಗುವುದು. ಬರುವ ಜೂನ್ 14 ರಿಂದ ಎಸ್.ಎಸ್.ಎಲ್.ಸಿ. ಪರೀಕ್ಷೆ–2 ನಡೆಯಲಿದ್ದು, ಪರೀಕ್ಷೆ–1 ರಲ್ಲಿ ಅನುತ್ತೀರ್ಣರಾದ ವಿದ್ಯಾರ್ಥಿಗಳು ಮತ್ತು ಫಲಿತಾಂಶ ಉತ್ತಮಪಡಿಸಿಕೊಳ್ಳಲು ಬಯಸುವ ವಿದ್ಯಾರ್ಥಿಗಳಿಗಾಗಿ ಮೇ 29ರಿಂದ ಜೂನ್ 13ರವರೆಗೆ ಆಯಾ ಶಾಲೆಗಳಲ್ಲಿ ವಿಶೇಷ ಪರಿಹಾರ ಬೋಧನಾ ತರಗತಿಗಳನ್ನು ನಡೆಸಲಾಗುವುದು. ಬೇರೆ ಶಾಲೆಗಳಲ್ಲಿ ಓದಿದ್ದೂ ಪ್ರಸ್ತುತ ವಾಸವಿರುವ ಸ್ಥಳಕ್ಕೆ ಸಮೀಪದಲ್ಲಿರುವ ಪ್ರೌಢಶಾಲೆಯಲ್ಲಿ ಹಾಜರಾಗಿ ಪರಿಹಾರ ಬೋಧನೆಯ ಸೌಲಭ್ಯ ಪಡೆಯಬಹುದಾಗಿದೆ.
